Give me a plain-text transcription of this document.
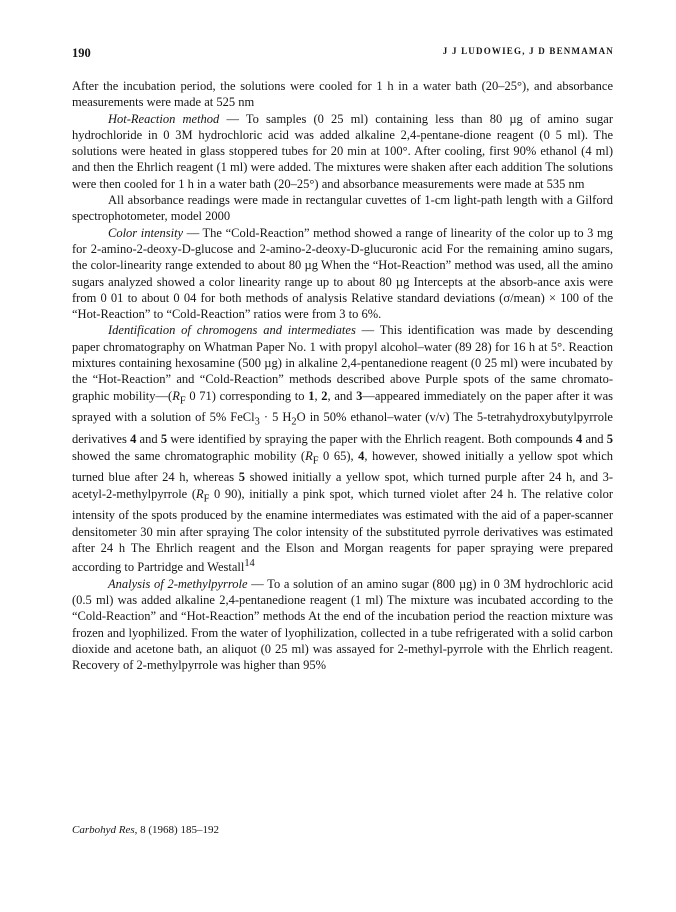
190	J J LUDOWIEG, J D BENMAMAN

After the incubation period, the solutions were cooled for 1 h in a water bath (20–25°), and absorbance measurements were made at 525 nm

Hot-Reaction method — To samples (0 25 ml) containing less than 80 µg of amino sugar hydrochloride in 0 3M hydrochloric acid was added alkaline 2,4-pentane-dione reagent (0 5 ml). The solutions were heated in glass stoppered tubes for 20 min at 100°. After cooling, first 90% ethanol (4 ml) and then the Ehrlich reagent (1 ml) were added. The mixtures were shaken after each addition The solutions were then cooled for 1 h in a water bath (20–25°) and absorbance measurements were made at 535 nm

All absorbance readings were made in rectangular cuvettes of 1-cm light-path length with a Gilford spectrophotometer, model 2000

Color intensity — The “Cold-Reaction” method showed a range of linearity of the color up to 3 mg for 2-amino-2-deoxy-D-glucose and 2-amino-2-deoxy-D-glucuronic acid For the remaining amino sugars, the color-linearity range extended to about 80 µg When the “Hot-Reaction” method was used, all the amino sugars analyzed showed a color linearity range up to about 80 µg Intercepts at the absorb-ance axis were from 0 01 to about 0 04 for both methods of analysis Relative standard deviations (σ/mean) × 100 of the “Hot-Reaction” to “Cold-Reaction” ratios were from 3 to 6%.

Identification of chromogens and intermediates — This identification was made by descending paper chromatography on Whatman Paper No. 1 with propyl alcohol–water (89 28) for 16 h at 5°. Reaction mixtures containing hexosamine (500 µg) in alkaline 2,4-pentanedione reagent (0 25 ml) were incubated by the “Hot-Reaction” and “Cold-Reaction” methods described above Purple spots of the same chromato-graphic $mobility—(R_F$ 0 71) corresponding to 1, 2, and 3—appeared immediately on the paper after it was sprayed with a solution of 5% FeCl$_3$ · 5 $H_2O$ in 50% ethanol–water (v/v) The 5-tetrahydroxybutylpyrrole derivatives 4 and 5 were identified by spraying the paper with the Ehrlich reagent. Both compounds 4 and 5 showed the same chromatographic mobility ($R_F$ 0 65), 4, however, showed initially a yellow spot which turned blue after 24 h, whereas 5 showed initially a yellow spot, which turned purple after 24 h, and 3-acetyl-2-methylpyrrole ($R_F$ 0 90), initially a pink spot, which turned violet after 24 h. The relative color intensity of the spots produced by the enamine intermediates was estimated with the aid of a paper-scanner densitometer 30 min after spraying The color intensity of the substituted pyrrole derivatives was estimated after 24 h The Ehrlich reagent and the Elson and Morgan reagents for paper spraying were prepared according to Partridge and Westall$^{14}$

Analysis of 2-methylpyrrole — To a solution of an amino sugar (800 µg) in 0 3M hydrochloric acid (0.5 ml) was added alkaline 2,4-pentanedione reagent (1 ml) The mixture was incubated according to the “Cold-Reaction” and “Hot-Reaction” methods At the end of the incubation period the reaction mixture was frozen and lyophilized. From the water of lyophilization, collected in a tube refrigerated with a solid carbon dioxide and acetone bath, an aliquot (0 25 ml) was assayed for 2-methyl-pyrrole with the Ehrlich reagent. Recovery of 2-methylpyrrole was higher than 95%

Carbohyd Res, 8 (1968) 185–192
